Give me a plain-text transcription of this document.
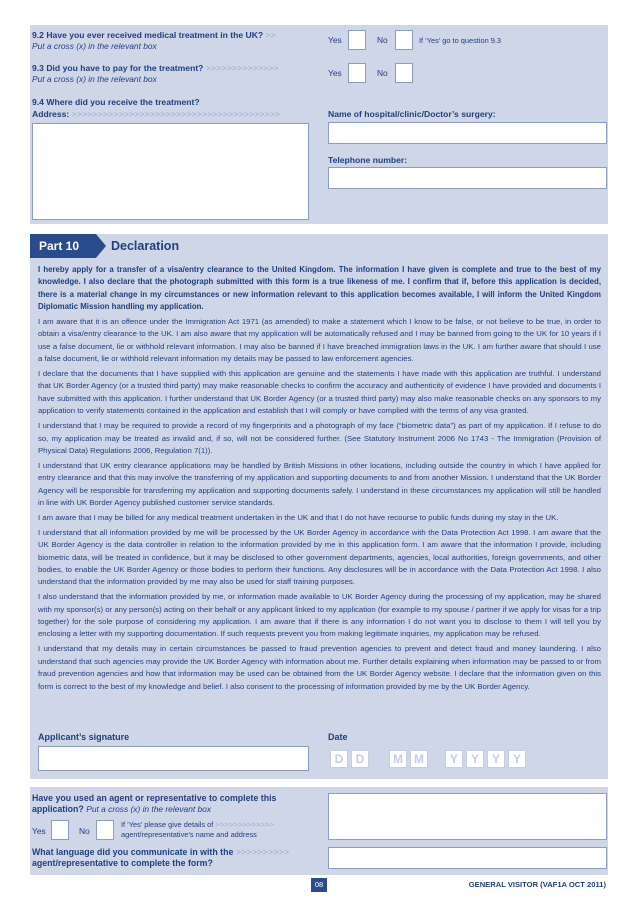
9.2 Have you ever received medical treatment in the UK? >>
Put a cross (x) in the relevant box
Yes	No	If ‘Yes’ go to question 9.3
9.3 Did you have to pay for the treatment? >>>>>>>>>>>>>>
Put a cross (x) in the relevant box
Yes	No
9.4 Where did you receive the treatment?
Address: >>>>>>>>>>>>>>>>>>>>>>>>>>>>>>>>>>>>>>>>	Name of hospital/clinic/Doctor’s surgery:
Telephone number:
Part 10	Declaration

I hereby apply for a transfer of a visa/entry clearance to the United Kingdom. The information I have given is complete and true to the best of my knowledge. I also declare that the photograph submitted with this form is a true likeness of me. I confirm that if, before this application is decided, there is a material change in my circumstances or new information relevant to this application becomes available, I will inform the United Kingdom Diplomatic Mission handling my application.

I am aware that it is an offence under the Immigration Act 1971 (as amended) to make a statement which I know to be false, or not believe to be true, in order to obtain a visa/entry clearance to the UK. I am also aware that my application will be automatically refused and I may be banned from going to the UK for 10 years if I use a false document, lie or withhold relevant information. I may also be banned if I have breached immigration laws in the UK. I am further aware that should I use a false document, lie or withhold relevant information my details may be passed to law enforcement agencies.

I declare that the documents that I have supplied with this application are genuine and the statements I have made with this application are truthful. I understand that UK Border Agency (or a trusted third party) may make reasonable checks to confirm the accuracy and authenticity of evidence I have provided and documents I have submitted with this application. I further understand that UK Border Agency (or a trusted third party) may also make reasonable checks on any sponsors to my application to verify statements contained in the application and establish that I will comply or have complied with the terms of any visa granted.

I understand that I may be required to provide a record of my fingerprints and a photograph of my face (“biometric data”) as part of my application. If I refuse to do so, my application may be treated as invalid and, if so, will not be considered further. (See Statutory Instrument 2006 No 1743 - The Immigration (Provision of Physical Data) Regulations 2006, Regulation 7(1)).

I understand that UK entry clearance applications may be handled by British Missions in other locations, including outside the country in which I have applied for entry clearance and that this may involve the transferring of my application and supporting documents to and from another Mission. I understand that the UK Border Agency will be responsible for transferring my application and supporting documents safely. I understand in these circumstances my application will still be handled in line with UK Border Agency published customer service standards.

I am aware that I may be billed for any medical treatment undertaken in the UK and that I do not have recourse to public funds during my stay in the UK.

I understand that all information provided by me will be processed by the UK Border Agency in accordance with the Data Protection Act 1998. I am aware that the UK Border Agency is the data controller in relation to the information provided by me in this application form. I am aware that the information I provide, including biometric data, will be treated in confidence, but it may be disclosed to other government departments, agencies, local authorities, foreign governments, and other bodies, to enable the UK Border Agency or those bodies to perform their functions. Any disclosures will be in accordance with the Data Protection Act 1998. I also understand that the information provided by me may also be used for staff training purposes.

I also understand that the information provided by me, or information made available to UK Border Agency during the processing of my application, may be shared with my sponsor(s) or any person(s) acting on their behalf or any applicant linked to my application (for example to my spouse / partner if we apply for visas for a trip together) for the sole purpose of considering my application. I am aware that if there is any information I do not want you to disclose to them I will tell you by enclosing a letter with my supporting documentation. If such requests prevent you from making legitimate inquiries, my application may be refused.

I understand that my details may in certain circumstances be passed to fraud prevention agencies to prevent and detect fraud and money laundering. I also understand that such agencies may provide the UK Border Agency with information about me. Further details explaining when information may be passed to or from fraud prevention agencies and how that information may be used can be obtained from the UK Border Agency website. I declare that the information given on this form is correct to the best of my knowledge and belief. I also consent to the processing of information provided by me by the UK Border Agency.

Applicant’s signature	Date
D	D	M M	Y	Y	Y	Y
Have you used an agent or representative to complete this application? Put a cross (x) in the relevant box
Yes	No
If ‘Yes’ please give details of >>>>>>>>>>>>>
agent/representative’s name and address
What language did you communicate in with the >>>>>>>>>>
agent/representative to complete the form?
08	GENERAL VISITOR (VAF1A OCT 2011)
